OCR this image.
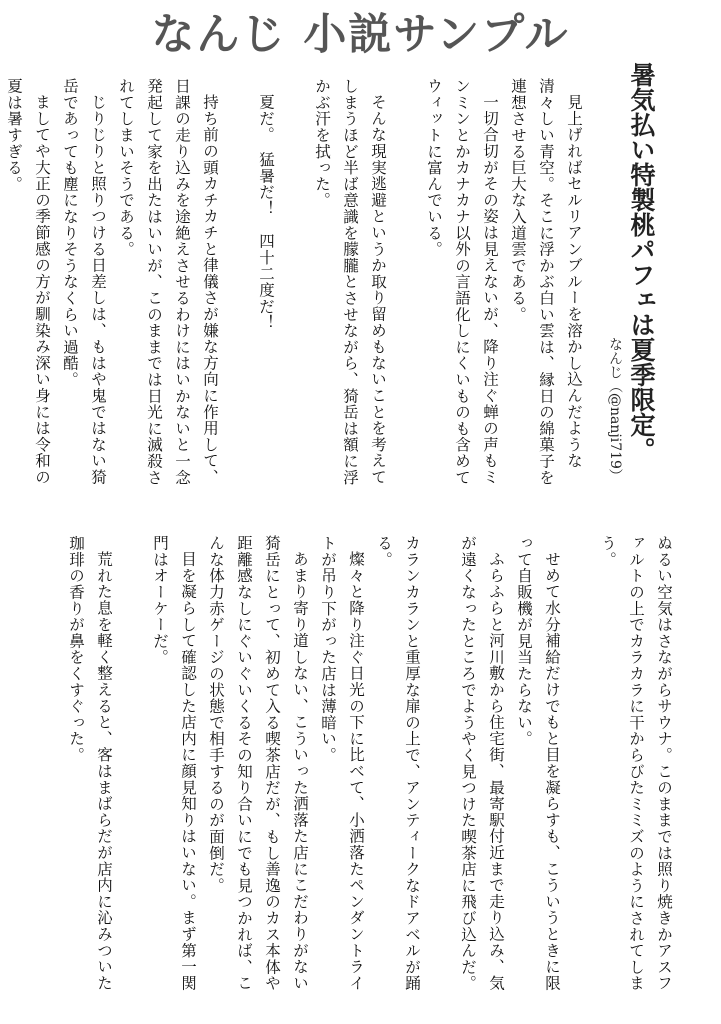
なんじ 小説サンプル

暑気払い特製桃パフェは夏季限定。

なんじ（@nanji719）

見上げればセルリアンブルーを溶かし込んだような清々しい青空。そこに浮かぶ白い雲は、縁日の綿菓子を連想させる巨大な入道雲である。

一切合切がその姿は見えないが、降り注ぐ蝉の声もミンミンとかカナカナ以外の言語化しにくいものも含めてウィットに富んでいる。

そんな現実逃避というか取り留めもないことを考えてしまうほど半ば意識を朦朧とさせながら、猗岳は額に浮かぶ汗を拭った。

夏だ。　猛暑だ！　四十二度だ！

持ち前の頭カチカチと律儀さが嫌な方向に作用して、日課の走り込みを途絶えさせるわけにはいかないと一念発起して家を出たはいいが、このままでは日光に滅殺されてしまいそうである。

じりじりと照りつける日差しは、もはや鬼ではない猗岳であっても塵になりそうなくらい過酷。

ましてや大正の季節感の方が馴染み深い身には令和の夏は暑すぎる。

ぬるい空気はさながらサウナ。このままでは照り焼きかアスファルトの上でカラカラに干からびたミミズのようにされてしまう。

せめて水分補給だけでもと目を凝らすも、こういうときに限って自販機が見当たらない。

ふらふらと河川敷から住宅街、最寄駅付近まで走り込み、気が遠くなったところでようやく見つけた喫茶店に飛び込んだ。

カランカランと重厚な扉の上で、アンティークなドアベルが踊る。

燦々と降り注ぐ日光の下に比べて、小洒落たペンダントライトが吊り下がった店は薄暗い。

あまり寄り道しない、こういった洒落た店にこだわりがない猗岳にとって、初めて入る喫茶店だが、もし善逸のカス本体や距離感なしにぐいぐいくるその知り合いにでも見つかれば、こんな体力赤ゲージの状態で相手するのが面倒だ。

目を凝らして確認した店内に顔見知りはいない。まず第一関門はオーケーだ。

荒れた息を軽く整えると、客はまばらだが店内に沁みついた珈琲の香りが鼻をくすぐった。
